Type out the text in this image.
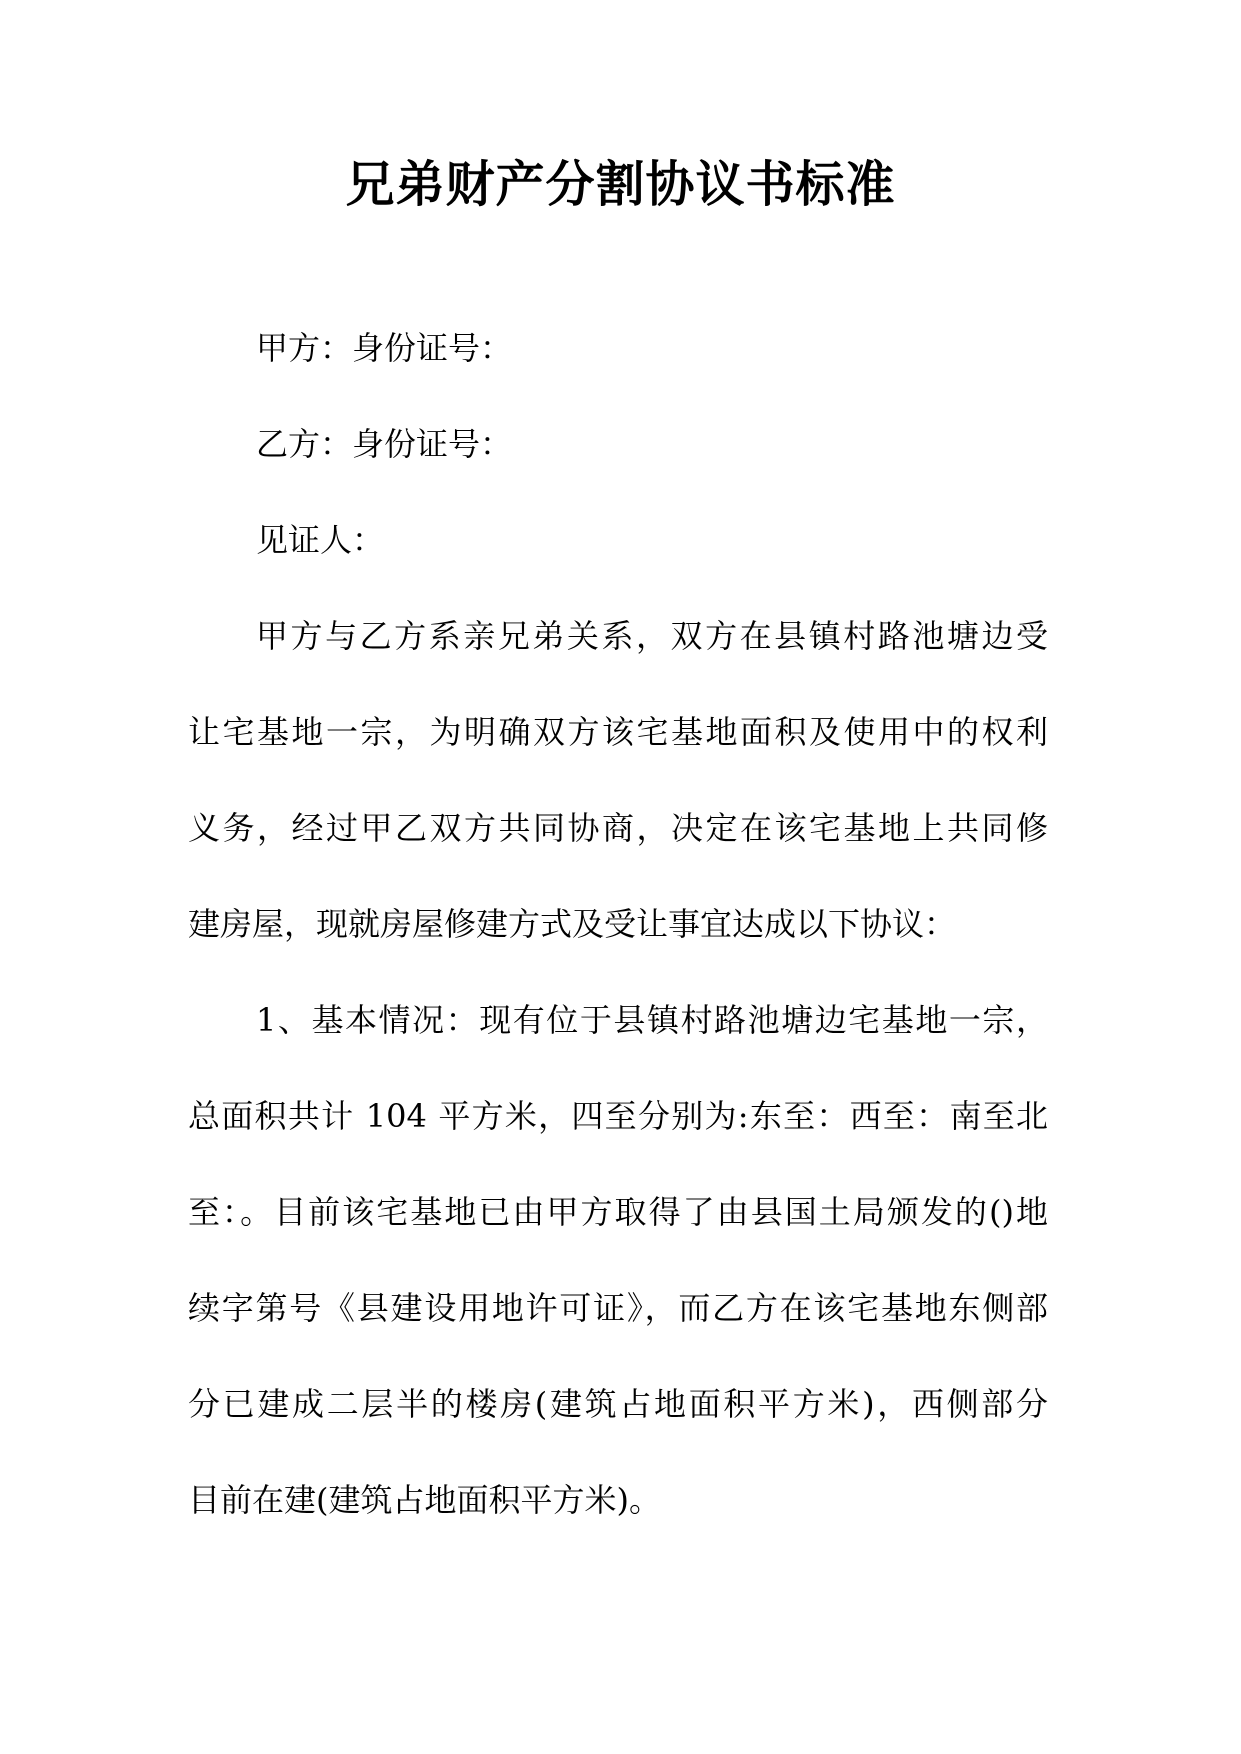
兄弟财产分割协议书标准
甲方：身份证号：
乙方：身份证号：
见证人：
甲方与乙方系亲兄弟关系，双方在县镇村路池塘边受
让宅基地一宗，为明确双方该宅基地面积及使用中的权利
义务，经过甲乙双方共同协商，决定在该宅基地上共同修
建房屋，现就房屋修建方式及受让事宜达成以下协议：
1、基本情况：现有位于县镇村路池塘边宅基地一宗，
总面积共计 104 平方米，四至分别为:东至：西至：南至北
至：。目前该宅基地已由甲方取得了由县国土局颁发的()地
续字第号《县建设用地许可证》，而乙方在该宅基地东侧部
分已建成二层半的楼房(建筑占地面积平方米)，西侧部分
目前在建(建筑占地面积平方米)。
